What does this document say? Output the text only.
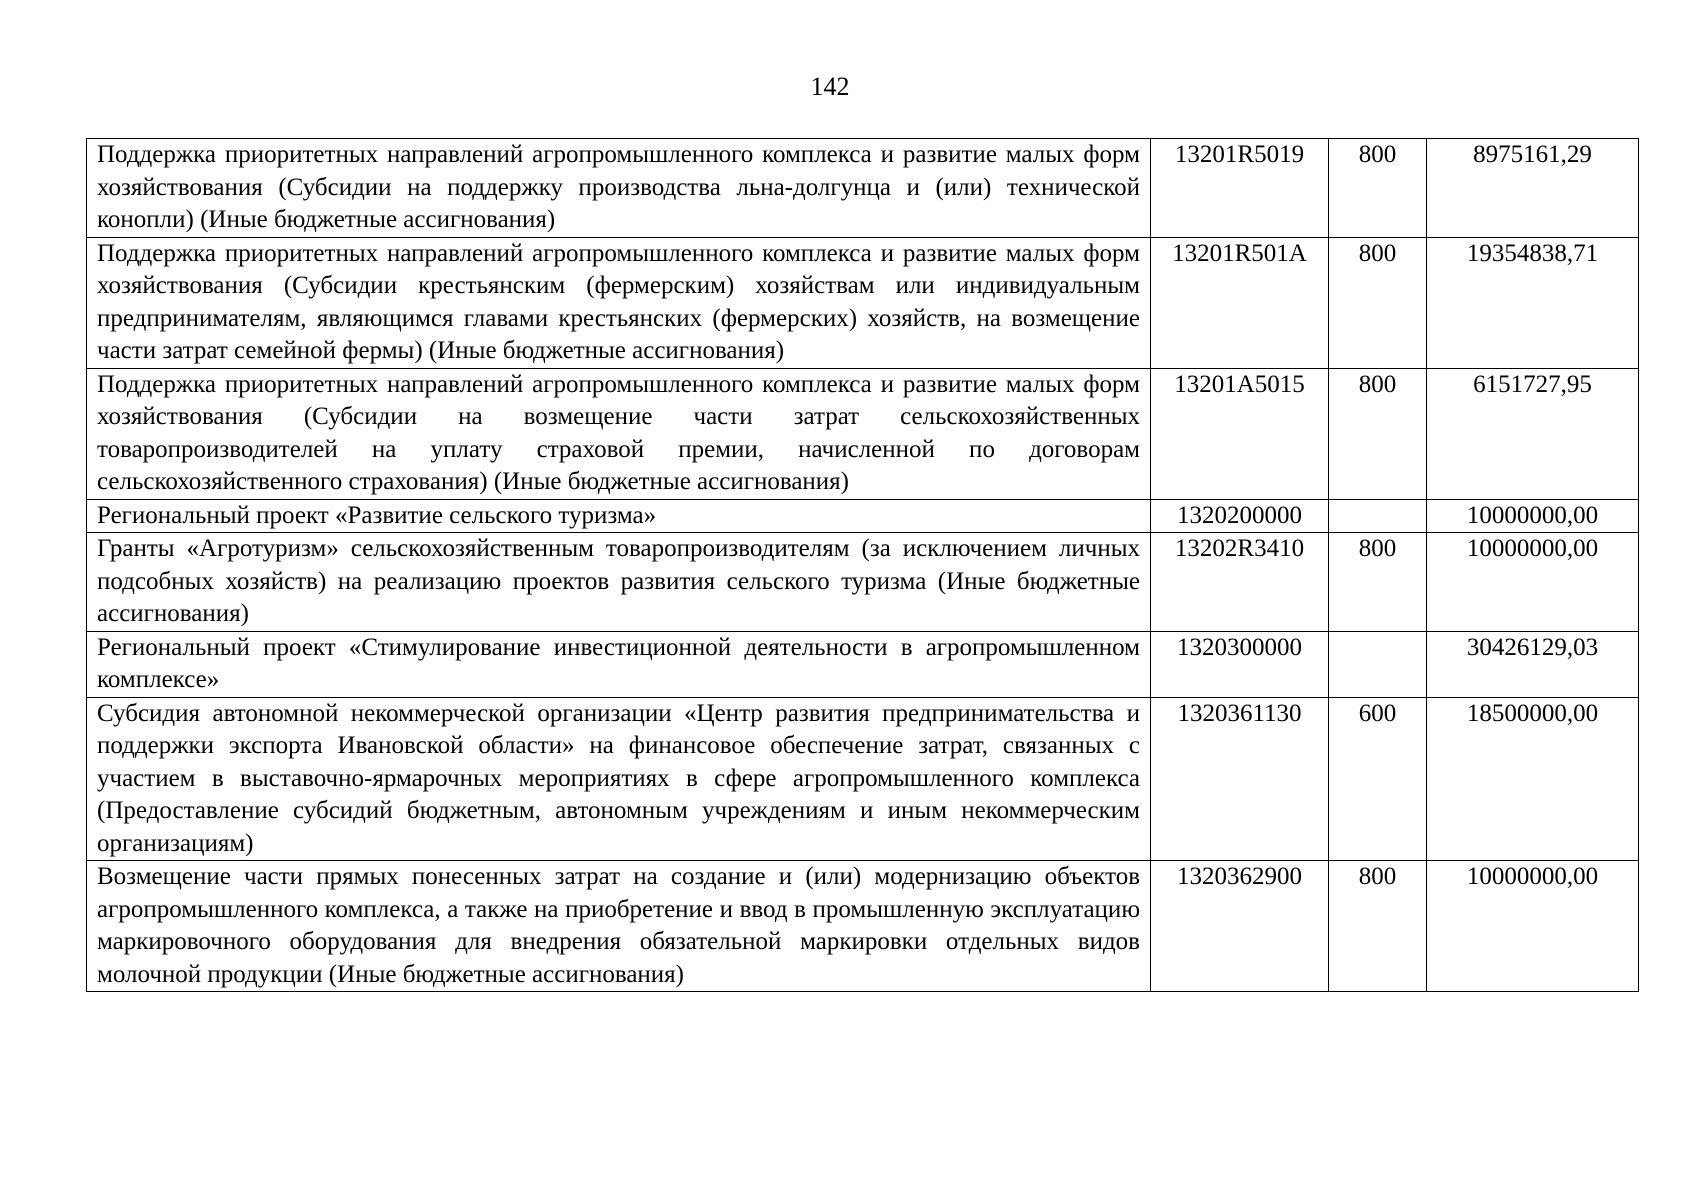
142
Поддержка приоритетных направлений агропромышленного комплекса и развитие малых форм хозяйствования (Субсидии на поддержку производства льна-долгунца и (или) технической конопли) (Иные бюджетные ассигнования)	13201R5019	800	8975161,29
Поддержка приоритетных направлений агропромышленного комплекса и развитие малых форм хозяйствования (Субсидии крестьянским (фермерским) хозяйствам или индивидуальным предпринимателям, являющимся главами крестьянских (фермерских) хозяйств, на возмещение части затрат семейной фермы) (Иные бюджетные ассигнования)	13201R501A	800	19354838,71
Поддержка приоритетных направлений агропромышленного комплекса и развитие малых форм хозяйствования (Субсидии на возмещение части затрат сельскохозяйственных товаропроизводителей на уплату страховой премии, начисленной по договорам сельскохозяйственного страхования) (Иные бюджетные ассигнования)	13201A5015	800	6151727,95
Региональный проект «Развитие сельского туризма»	1320200000		10000000,00
Гранты «Агротуризм» сельскохозяйственным товаропроизводителям (за исключением личных подсобных хозяйств) на реализацию проектов развития сельского туризма (Иные бюджетные ассигнования)	13202R3410	800	10000000,00
Региональный проект «Стимулирование инвестиционной деятельности в агропромышленном комплексе»	1320300000		30426129,03
Субсидия автономной некоммерческой организации «Центр развития предпринимательства и поддержки экспорта Ивановской области» на финансовое обеспечение затрат, связанных с участием в выставочно-ярмарочных мероприятиях в сфере агропромышленного комплекса (Предоставление субсидий бюджетным, автономным учреждениям и иным некоммерческим организациям)	1320361130	600	18500000,00
Возмещение части прямых понесенных затрат на создание и (или) модернизацию объектов агропромышленного комплекса, а также на приобретение и ввод в промышленную эксплуатацию маркировочного оборудования для внедрения обязательной маркировки отдельных видов молочной продукции (Иные бюджетные ассигнования)	1320362900	800	10000000,00
